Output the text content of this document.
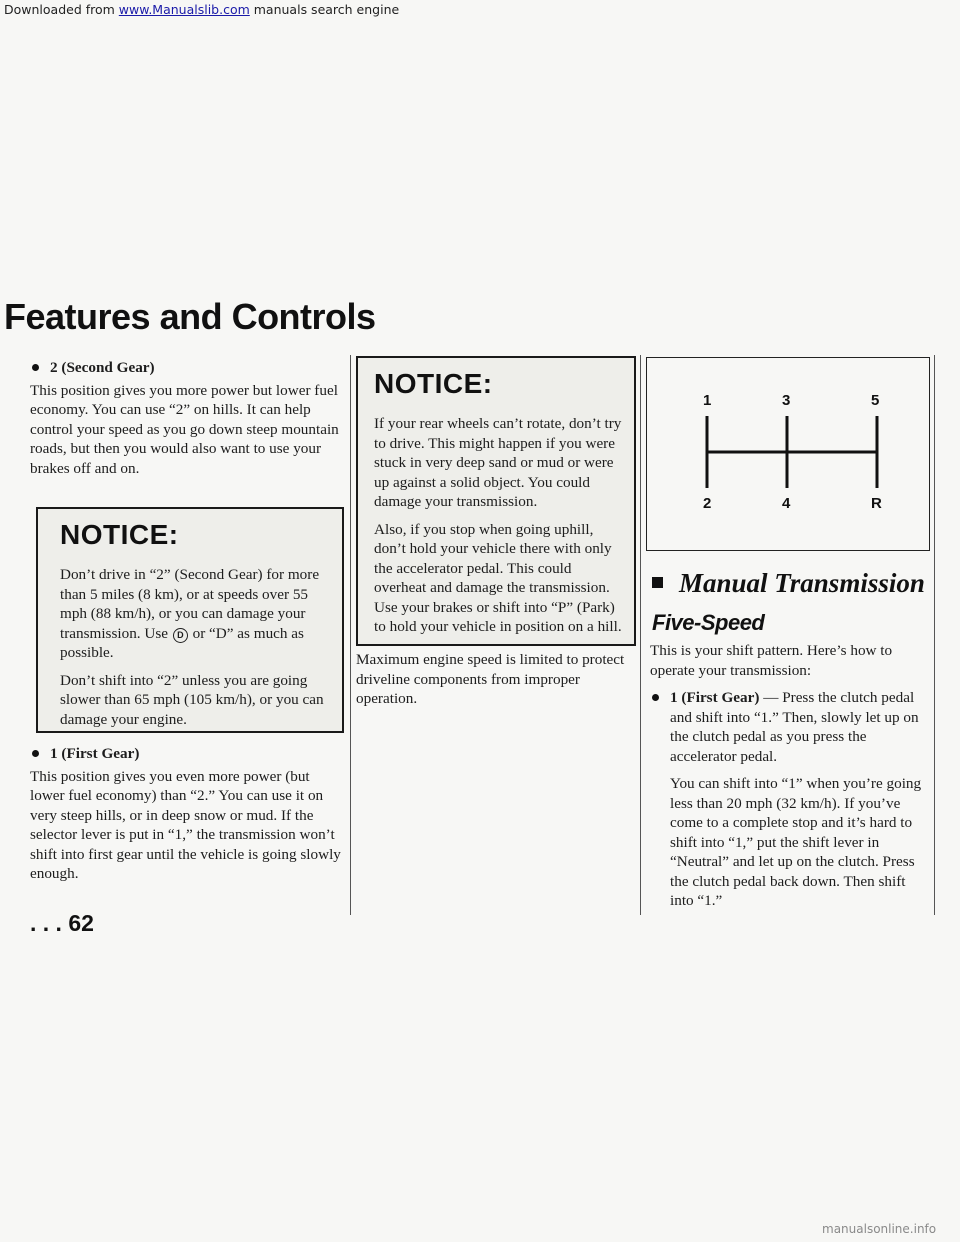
Downloaded from www.Manualslib.com manuals search engine
Features and Controls

2 (Second Gear)

This position gives you more power but lower fuel economy. You can use “2” on hills. It can help control your speed as you go down steep mountain roads, but then you would also want to use your brakes off and on.

NOTICE:

Don’t drive in “2” (Second Gear) for more than 5 miles (8 km), or at speeds over 55 mph (88 km/h), or you can damage your transmission. Use D or “D” as much as possible.

Don’t shift into “2” unless you are going slower than 65 mph (105 km/h), or you can damage your engine.

1 (First Gear)

This position gives you even more power (but lower fuel economy) than “2.” You can use it on very steep hills, or in deep snow or mud. If the selector lever is put in “1,” the transmission won’t shift into first gear until the vehicle is going slowly enough.

NOTICE:

If your rear wheels can’t rotate, don’t try to drive. This might happen if you were stuck in very deep sand or mud or were up against a solid object. You could damage your transmission.

Also, if you stop when going uphill, don’t hold your vehicle there with only the accelerator pedal. This could overheat and damage the transmission. Use your brakes or shift into “P” (Park) to hold your vehicle in position on a hill.

Maximum engine speed is limited to protect driveline components from improper operation.

1	3	5
2	4	R
Manual Transmission
Five-Speed

This is your shift pattern. Here’s how to operate your transmission:

1 (First Gear) — Press the clutch pedal and shift into “1.” Then, slowly let up on the clutch pedal as you press the accelerator pedal.

You can shift into “1” when you’re going less than 20 mph (32 km/h). If you’ve come to a complete stop and it’s hard to shift into “1,” put the shift lever in “Neutral” and let up on the clutch. Press the clutch pedal back down. Then shift into “1.”

. . . 62
manualsonline.info
